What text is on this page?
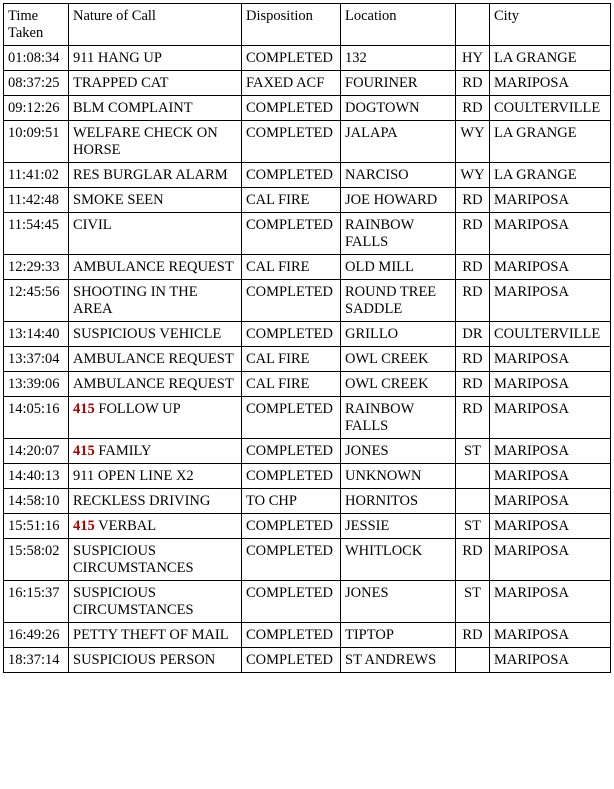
Time
Taken	Nature of Call	Disposition	Location		City
01:08:34	911 HANG UP	COMPLETED	132	HY	LA GRANGE
08:37:25	TRAPPED CAT	FAXED ACF	FOURINER	RD	MARIPOSA
09:12:26	BLM COMPLAINT	COMPLETED	DOGTOWN	RD	COULTERVILLE
10:09:51	WELFARE CHECK ON HORSE	COMPLETED	JALAPA	WY	LA GRANGE
11:41:02	RES BURGLAR ALARM	COMPLETED	NARCISO	WY	LA GRANGE
11:42:48	SMOKE SEEN	CAL FIRE	JOE HOWARD	RD	MARIPOSA
11:54:45	CIVIL	COMPLETED	RAINBOW FALLS	RD	MARIPOSA
12:29:33	AMBULANCE REQUEST	CAL FIRE	OLD MILL	RD	MARIPOSA
12:45:56	SHOOTING IN THE AREA	COMPLETED	ROUND TREE SADDLE	RD	MARIPOSA
13:14:40	SUSPICIOUS VEHICLE	COMPLETED	GRILLO	DR	COULTERVILLE
13:37:04	AMBULANCE REQUEST	CAL FIRE	OWL CREEK	RD	MARIPOSA
13:39:06	AMBULANCE REQUEST	CAL FIRE	OWL CREEK	RD	MARIPOSA
14:05:16	415 FOLLOW UP	COMPLETED	RAINBOW FALLS	RD	MARIPOSA
14:20:07	415 FAMILY	COMPLETED	JONES	ST	MARIPOSA
14:40:13	911 OPEN LINE X2	COMPLETED	UNKNOWN		MARIPOSA
14:58:10	RECKLESS DRIVING	TO CHP	HORNITOS		MARIPOSA
15:51:16	415 VERBAL	COMPLETED	JESSIE	ST	MARIPOSA
15:58:02	SUSPICIOUS CIRCUMSTANCES	COMPLETED	WHITLOCK	RD	MARIPOSA
16:15:37	SUSPICIOUS CIRCUMSTANCES	COMPLETED	JONES	ST	MARIPOSA
16:49:26	PETTY THEFT OF MAIL	COMPLETED	TIPTOP	RD	MARIPOSA
18:37:14	SUSPICIOUS PERSON	COMPLETED	ST ANDREWS		MARIPOSA
